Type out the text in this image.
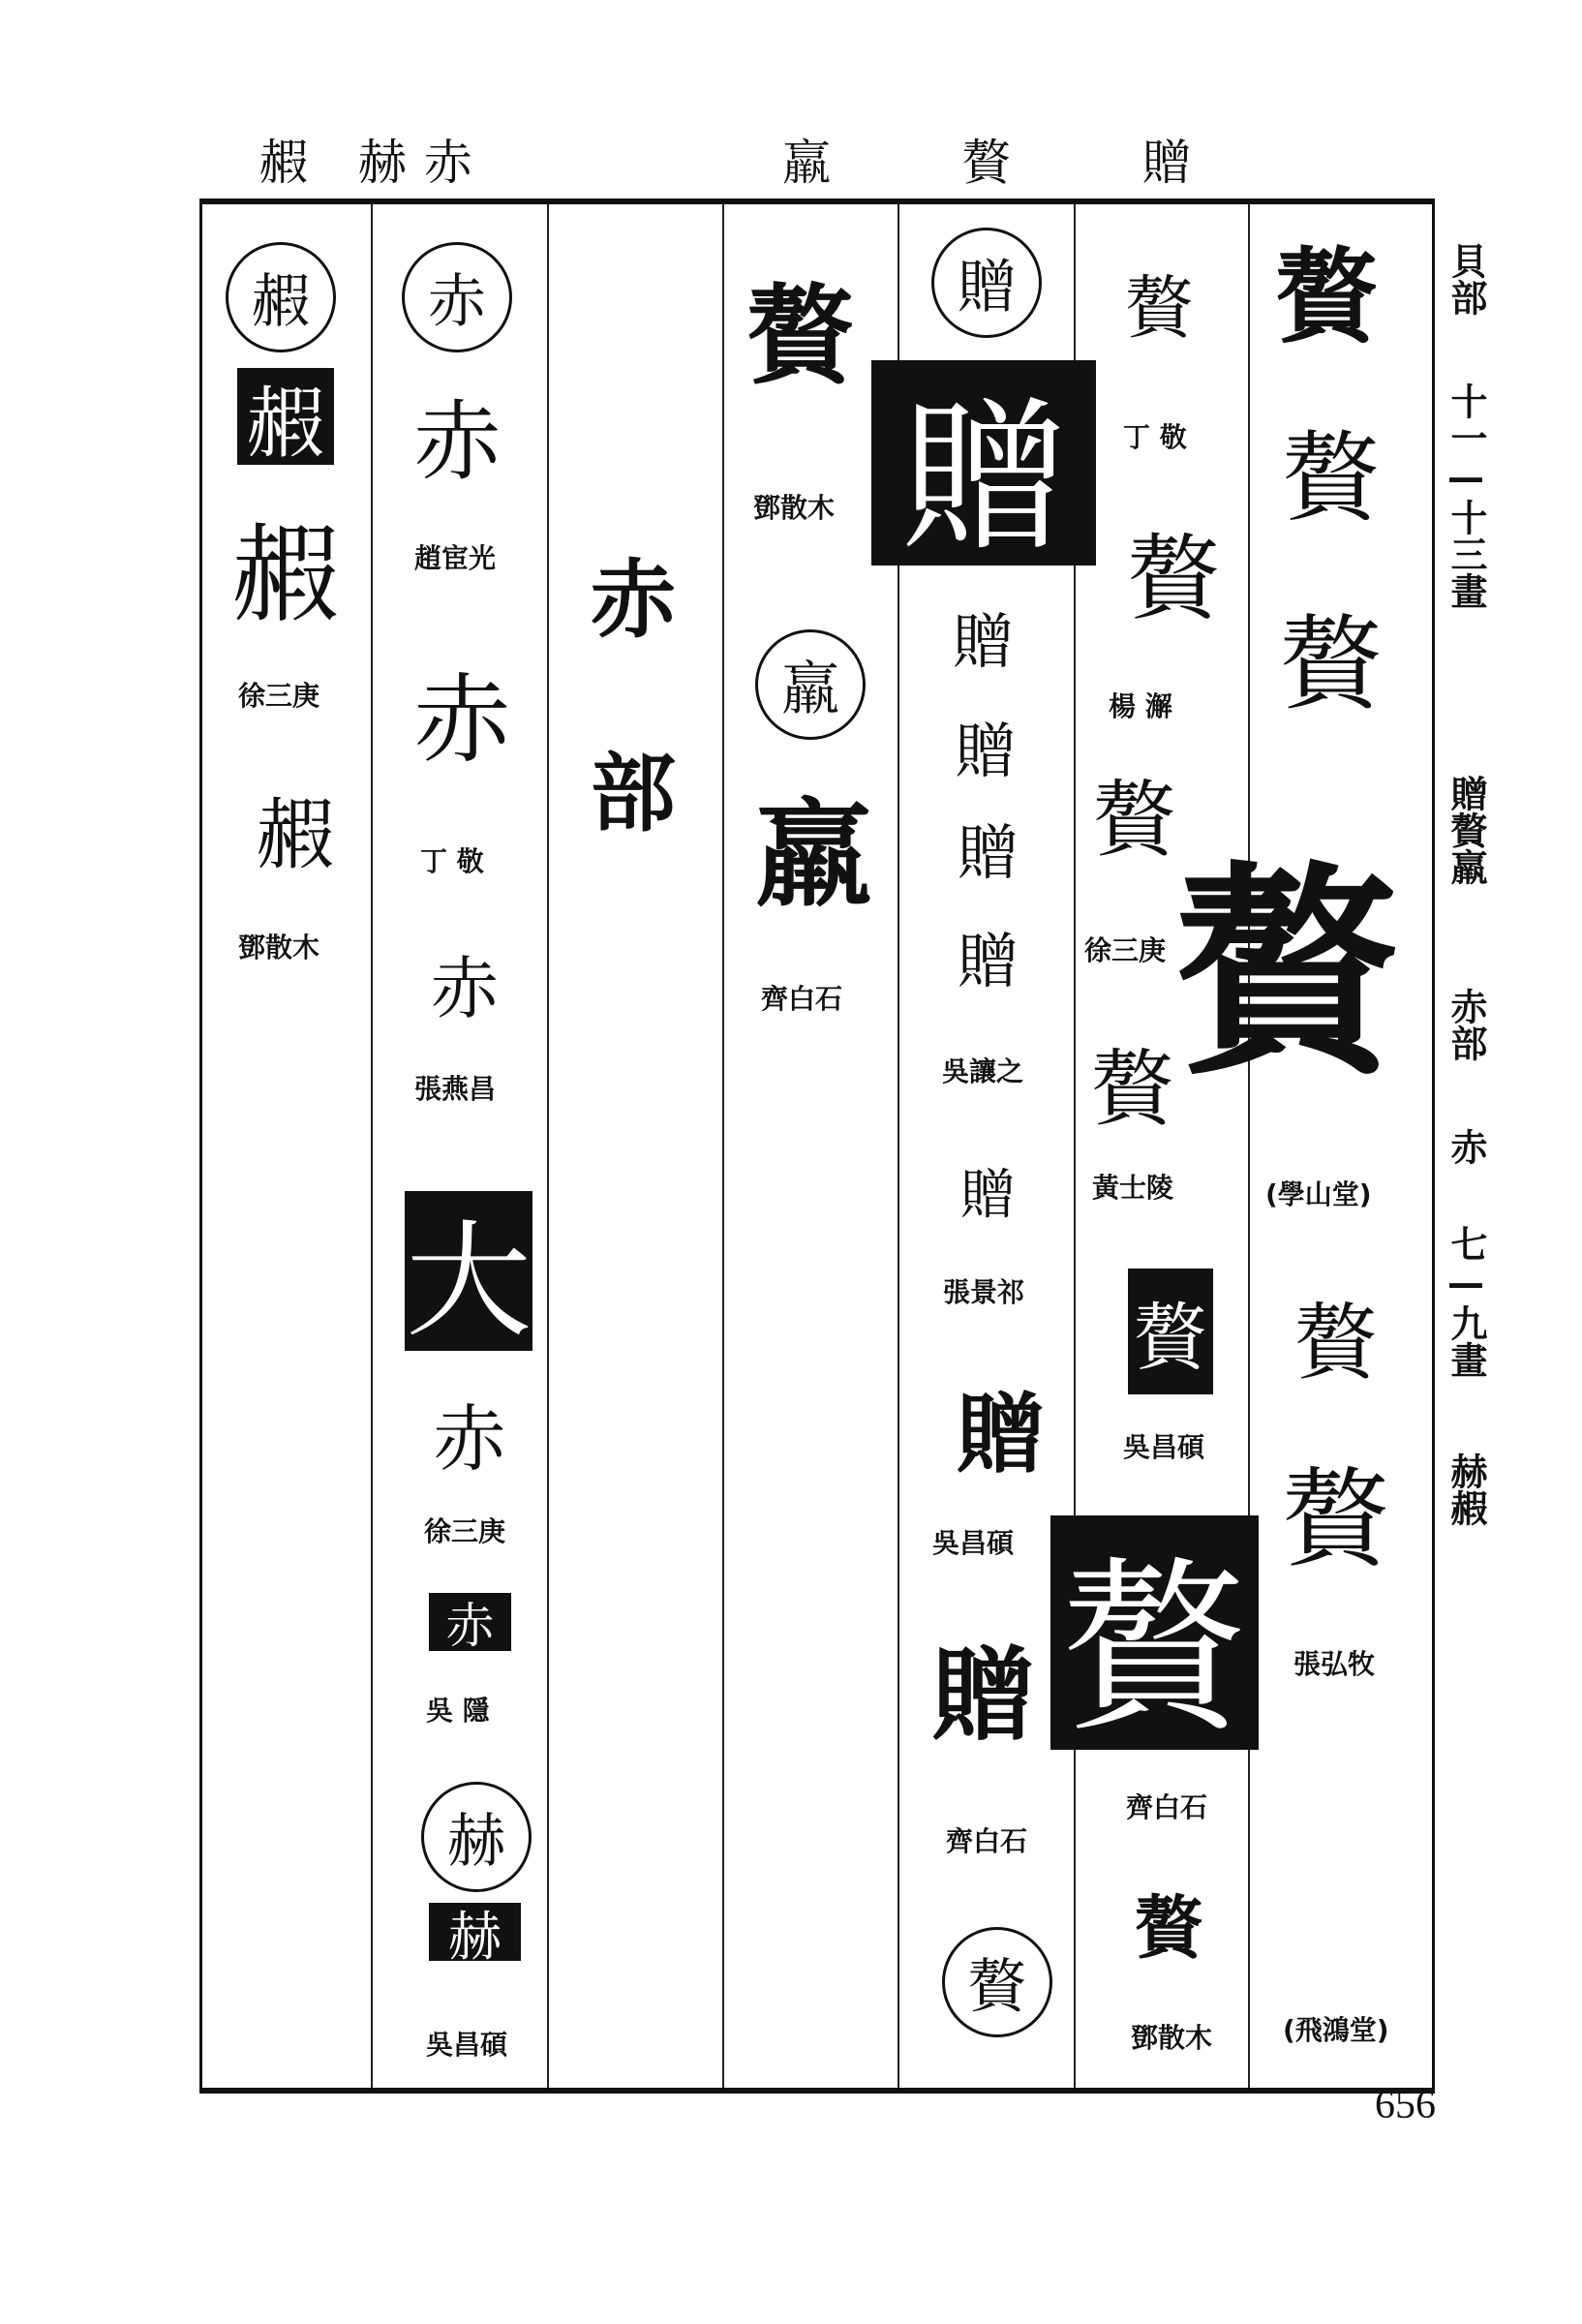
赮 赫赤	羸 贅 贈
赮
赮
赮
徐三庚
赮
鄧散木
赤
赤
趙宦光
赤
丁 敬
赤
張燕昌
大
赤
徐三庚
赤
吳 隱
赫
赫
吳昌碩
赤
部
贅
鄧散木
羸
羸
齊白石
贈
贈
贈
贈
贈
贈
吳讓之
贈
張景祁
贈
吳昌碩
贈
齊白石
贅
贅
丁 敬
贅
楊 澥
贅
徐三庚
贅
黃士陵
贅
吳昌碩
贅
齊白石
贅
鄧散木
贅
贅
贅
贅
(學山堂)
贅
贅
張弘牧
(飛鴻堂)
貝部
十一—十三畫
贈贅羸
赤部
赤
七—九畫
赫赮
656
